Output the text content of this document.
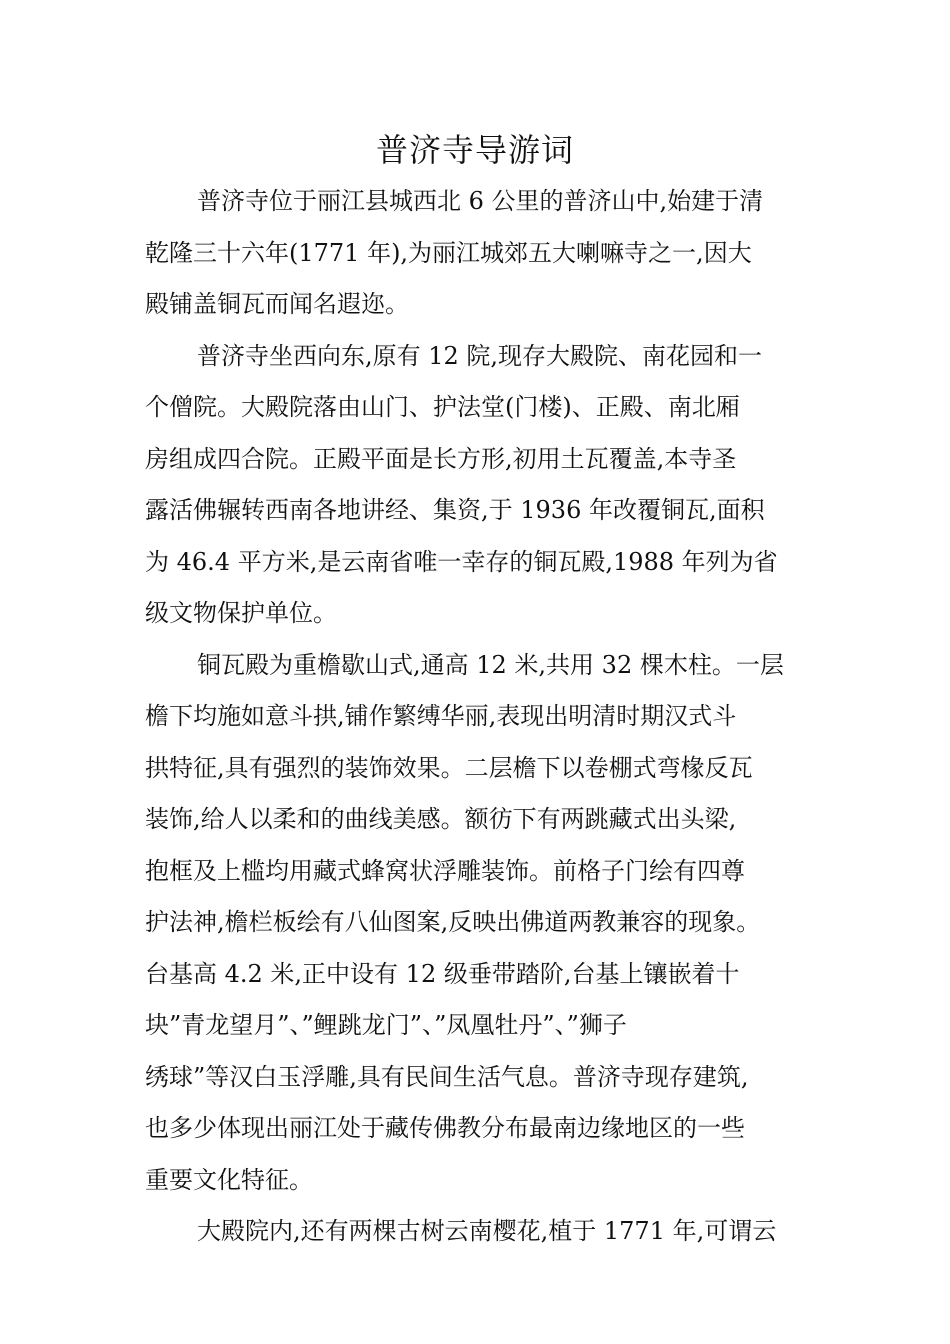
普济寺导游词
普济寺位于丽江县城西北 6 公里的普济山中,始建于清
乾隆三十六年(1771 年),为丽江城郊五大喇嘛寺之一,因大
殿铺盖铜瓦而闻名遐迩。
普济寺坐西向东,原有 12 院,现存大殿院、南花园和一
个僧院。大殿院落由山门、护法堂(门楼)、正殿、南北厢
房组成四合院。正殿平面是长方形,初用土瓦覆盖,本寺圣
露活佛辗转西南各地讲经、集资,于 1936 年改覆铜瓦,面积
为 46.4 平方米,是云南省唯一幸存的铜瓦殿,1988 年列为省
级文物保护单位。
铜瓦殿为重檐歇山式,通高 12 米,共用 32 棵木柱。一层
檐下均施如意斗拱,铺作繁缚华丽,表现出明清时期汉式斗
拱特征,具有强烈的装饰效果。二层檐下以卷棚式弯椽反瓦
装饰,给人以柔和的曲线美感。额彷下有两跳藏式出头梁,
抱框及上槛均用藏式蜂窝状浮雕装饰。前格子门绘有四尊
护法神,檐栏板绘有八仙图案,反映出佛道两教兼容的现象。
台基高 4.2 米,正中设有 12 级垂带踏阶,台基上镶嵌着十
块”青龙望月”、”鲤跳龙门”、”凤凰牡丹”、”狮子
绣球”等汉白玉浮雕,具有民间生活气息。普济寺现存建筑,
也多少体现出丽江处于藏传佛教分布最南边缘地区的一些
重要文化特征。
大殿院内,还有两棵古树云南樱花,植于 1771 年,可谓云
